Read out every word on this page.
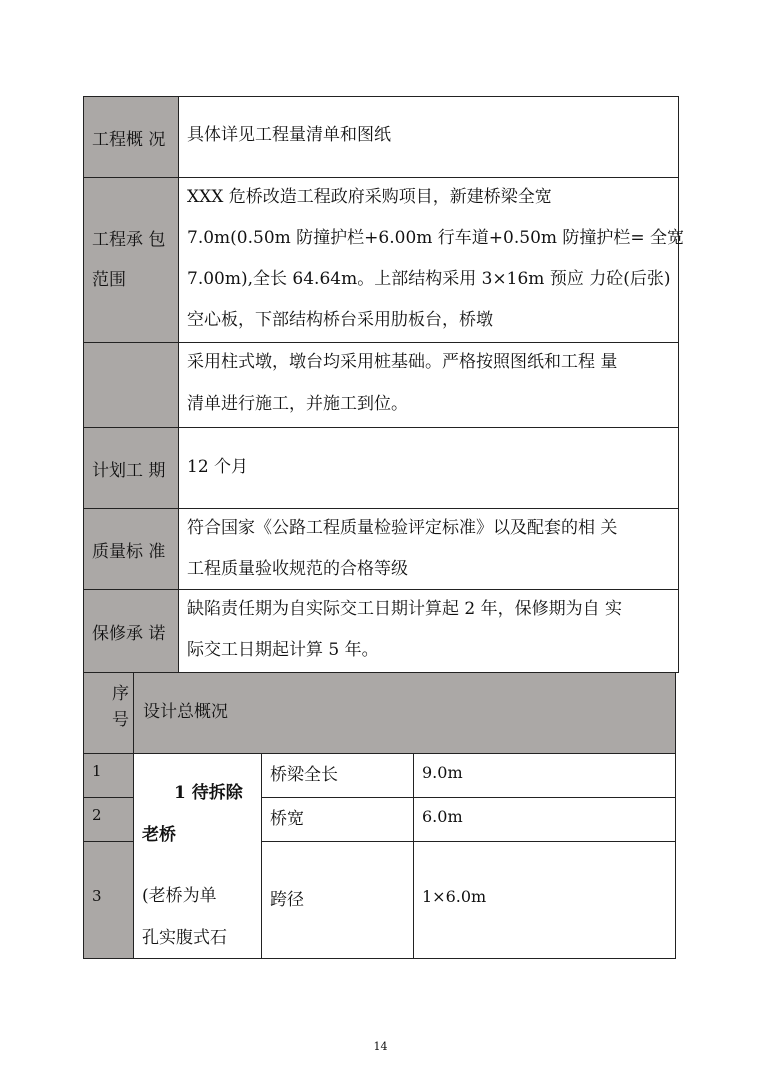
工程概 况 具体详见工程量清单和图纸
工程承 包
范围
XXX 危桥改造工程政府采购项目，新建桥梁全宽
7.0m(0.50m 防撞护栏+6.00m 行车道+0.50m 防撞护栏= 全宽
7.00m),全长 64.64m。上部结构采用 3×16m 预应 力砼(后张)
空心板，下部结构桥台采用肋板台，桥墩
采用柱式墩，墩台均采用桩基础。严格按照图纸和工程 量
清单进行施工，并施工到位。
计划工 期 12 个月
质量标 准
符合国家《公路工程质量检验评定标准》以及配套的相 关
工程质量验收规范的合格等级
保修承 诺
缺陷责任期为自实际交工日期计算起 2 年，保修期为自 实
际交工日期起计算 5 年。
序
号 设计总概况
1
2
3
1 待拆除
老桥
(老桥为单
孔实腹式石
桥梁全长
桥宽
跨径
9.0m
6.0m
1×6.0m
14
